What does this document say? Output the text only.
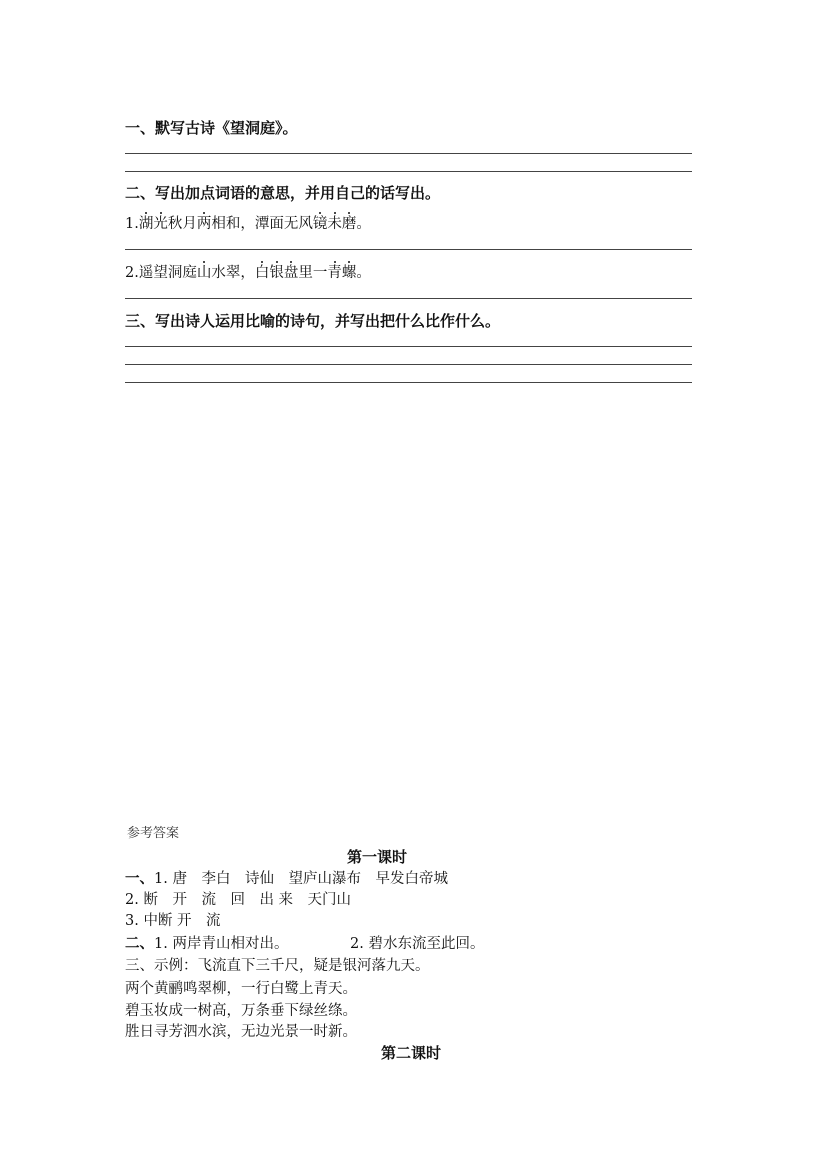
一、默写古诗《望洞庭》。
二、写出加点词语的意思，并用自己的话写出。
1.湖光秋月两相和，潭面无风镜未磨。
2.遥望洞庭山水翠，白银盘里一青螺。
三、写出诗人运用比喻的诗句，并写出把什么比作什么。
参考答案
第一课时
一、1. 唐　李白　诗仙　望庐山瀑布　早发白帝城
2. 断　开　流　回　出 来　天门山
3. 中断 开　流
二、1. 两岸青山相对出。	2. 碧水东流至此回。
三、示例：飞流直下三千尺，疑是银河落九天。
两个黄鹂鸣翠柳，一行白鹭上青天。
碧玉妆成一树高，万条垂下绿丝绦。
胜日寻芳泗水滨，无边光景一时新。
第二课时
